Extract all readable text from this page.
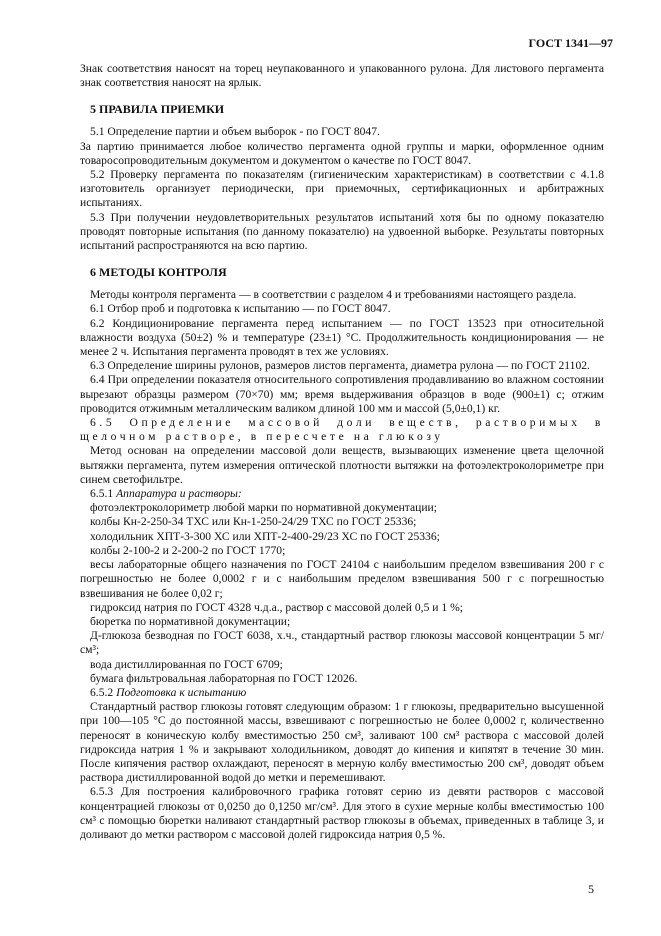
ГОСТ 1341—97

Знак соответствия наносят на торец неупакованного и упакованного рулона. Для листового пергамента знак соответствия наносят на ярлык.

5 ПРАВИЛА ПРИЕМКИ

5.1 Определение партии и объем выборок - по ГОСТ 8047.

За партию принимается любое количество пергамента одной группы и марки, оформленное одним товаросопроводительным документом и документом о качестве по ГОСТ 8047.

5.2 Проверку пергамента по показателям (гигиеническим характеристикам) в соответствии с 4.1.8 изготовитель организует периодически, при приемочных, сертификационных и арбитражных испытаниях.

5.3 При получении неудовлетворительных результатов испытаний хотя бы по одному показателю проводят повторные испытания (по данному показателю) на удвоенной выборке. Результаты повторных испытаний распространяются на всю партию.

6 МЕТОДЫ КОНТРОЛЯ

Методы контроля пергамента — в соответствии с разделом 4 и требованиями настоящего раздела.

6.1 Отбор проб и подготовка к испытанию — по ГОСТ 8047.

6.2 Кондиционирование пергамента перед испытанием — по ГОСТ 13523 при относительной влажности воздуха (50±2) % и температуре (23±1) °С. Продолжительность кондиционирования — не менее 2 ч. Испытания пергамента проводят в тех же условиях.

6.3 Определение ширины рулонов, размеров листов пергамента, диаметра рулона — по ГОСТ 21102.

6.4 При определении показателя относительного сопротивления продавливанию во влажном состоянии вырезают образцы размером (70×70) мм; время выдерживания образцов в воде (900±1) с; отжим проводится отжимным металлическим валиком длиной 100 мм и массой (5,0±0,1) кг.

6.5 Определение массовой доли веществ, растворимых в щелочном растворе, в пересчете на глюкозу

Метод основан на определении массовой доли веществ, вызывающих изменение цвета щелочной вытяжки пергамента, путем измерения оптической плотности вытяжки на фотоэлектроколориметре при синем светофильтре.

6.5.1 Аппаратура и растворы:

фотоэлектроколориметр любой марки по нормативной документации;

колбы Кн-2-250-34 ТХС или Кн-1-250-24/29 ТХС по ГОСТ 25336;

холодильник ХПТ-3-300 ХС или ХПТ-2-400-29/23 ХС по ГОСТ 25336;

колбы 2-100-2 и 2-200-2 по ГОСТ 1770;

весы лабораторные общего назначения по ГОСТ 24104 с наибольшим пределом взвешивания 200 г с погрешностью не более 0,0002 г и с наибольшим пределом взвешивания 500 г с погрешностью взвешивания не более 0,02 г;

гидроксид натрия по ГОСТ 4328 ч.д.а., раствор с массовой долей 0,5 и 1 %;

бюретка по нормативной документации;

Д-глюкоза безводная по ГОСТ 6038, х.ч., стандартный раствор глюкозы массовой концентрации 5 мг/см³;

вода дистиллированная по ГОСТ 6709;

бумага фильтровальная лабораторная по ГОСТ 12026.

6.5.2 Подготовка к испытанию

Стандартный раствор глюкозы готовят следующим образом: 1 г глюкозы, предварительно высушенной при 100—105 °С до постоянной массы, взвешивают с погрешностью не более 0,0002 г, количественно переносят в коническую колбу вместимостью 250 см³, заливают 100 см³ раствора с массовой долей гидроксида натрия 1 % и закрывают холодильником, доводят до кипения и кипятят в течение 30 мин. После кипячения раствор охлаждают, переносят в мерную колбу вместимостью 200 см³, доводят объем раствора дистиллированной водой до метки и перемешивают.

6.5.3 Для построения калибровочного графика готовят серию из девяти растворов с массовой концентрацией глюкозы от 0,0250 до 0,1250 мг/см³. Для этого в сухие мерные колбы вместимостью 100 см³ с помощью бюретки наливают стандартный раствор глюкозы в объемах, приведенных в таблице 3, и доливают до метки раствором с массовой долей гидроксида натрия 0,5 %.

5
